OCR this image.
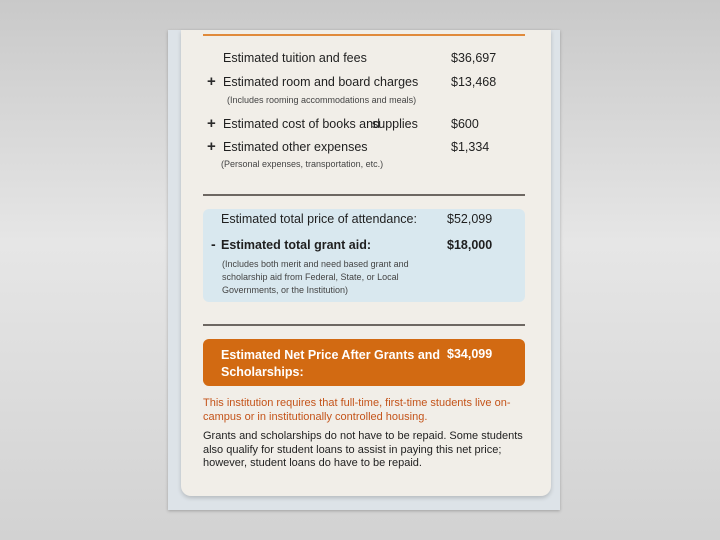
Estimated tuition and fees	$36,697
+ Estimated room and board charges	$13,468
(Includes rooming accommodations and meals)
+ Estimated cost of books and
supplies	$600
+ Estimated other expenses	$1,334
(Personal expenses, transportation, etc.)
Estimated total price of attendance: $52,099
- Estimated total grant aid:	$18,000
(Includes both merit and need based grant and scholarship aid from Federal, State, or Local Governments, or the Institution)
Estimated Net Price After Grants and Scholarships:
$34,099
This institution requires that full-time, first-time students live on-campus or in institutionally controlled housing.
Grants and scholarships do not have to be repaid. Some students also qualify for student loans to assist in paying this net price; however, student loans do have to be repaid.
